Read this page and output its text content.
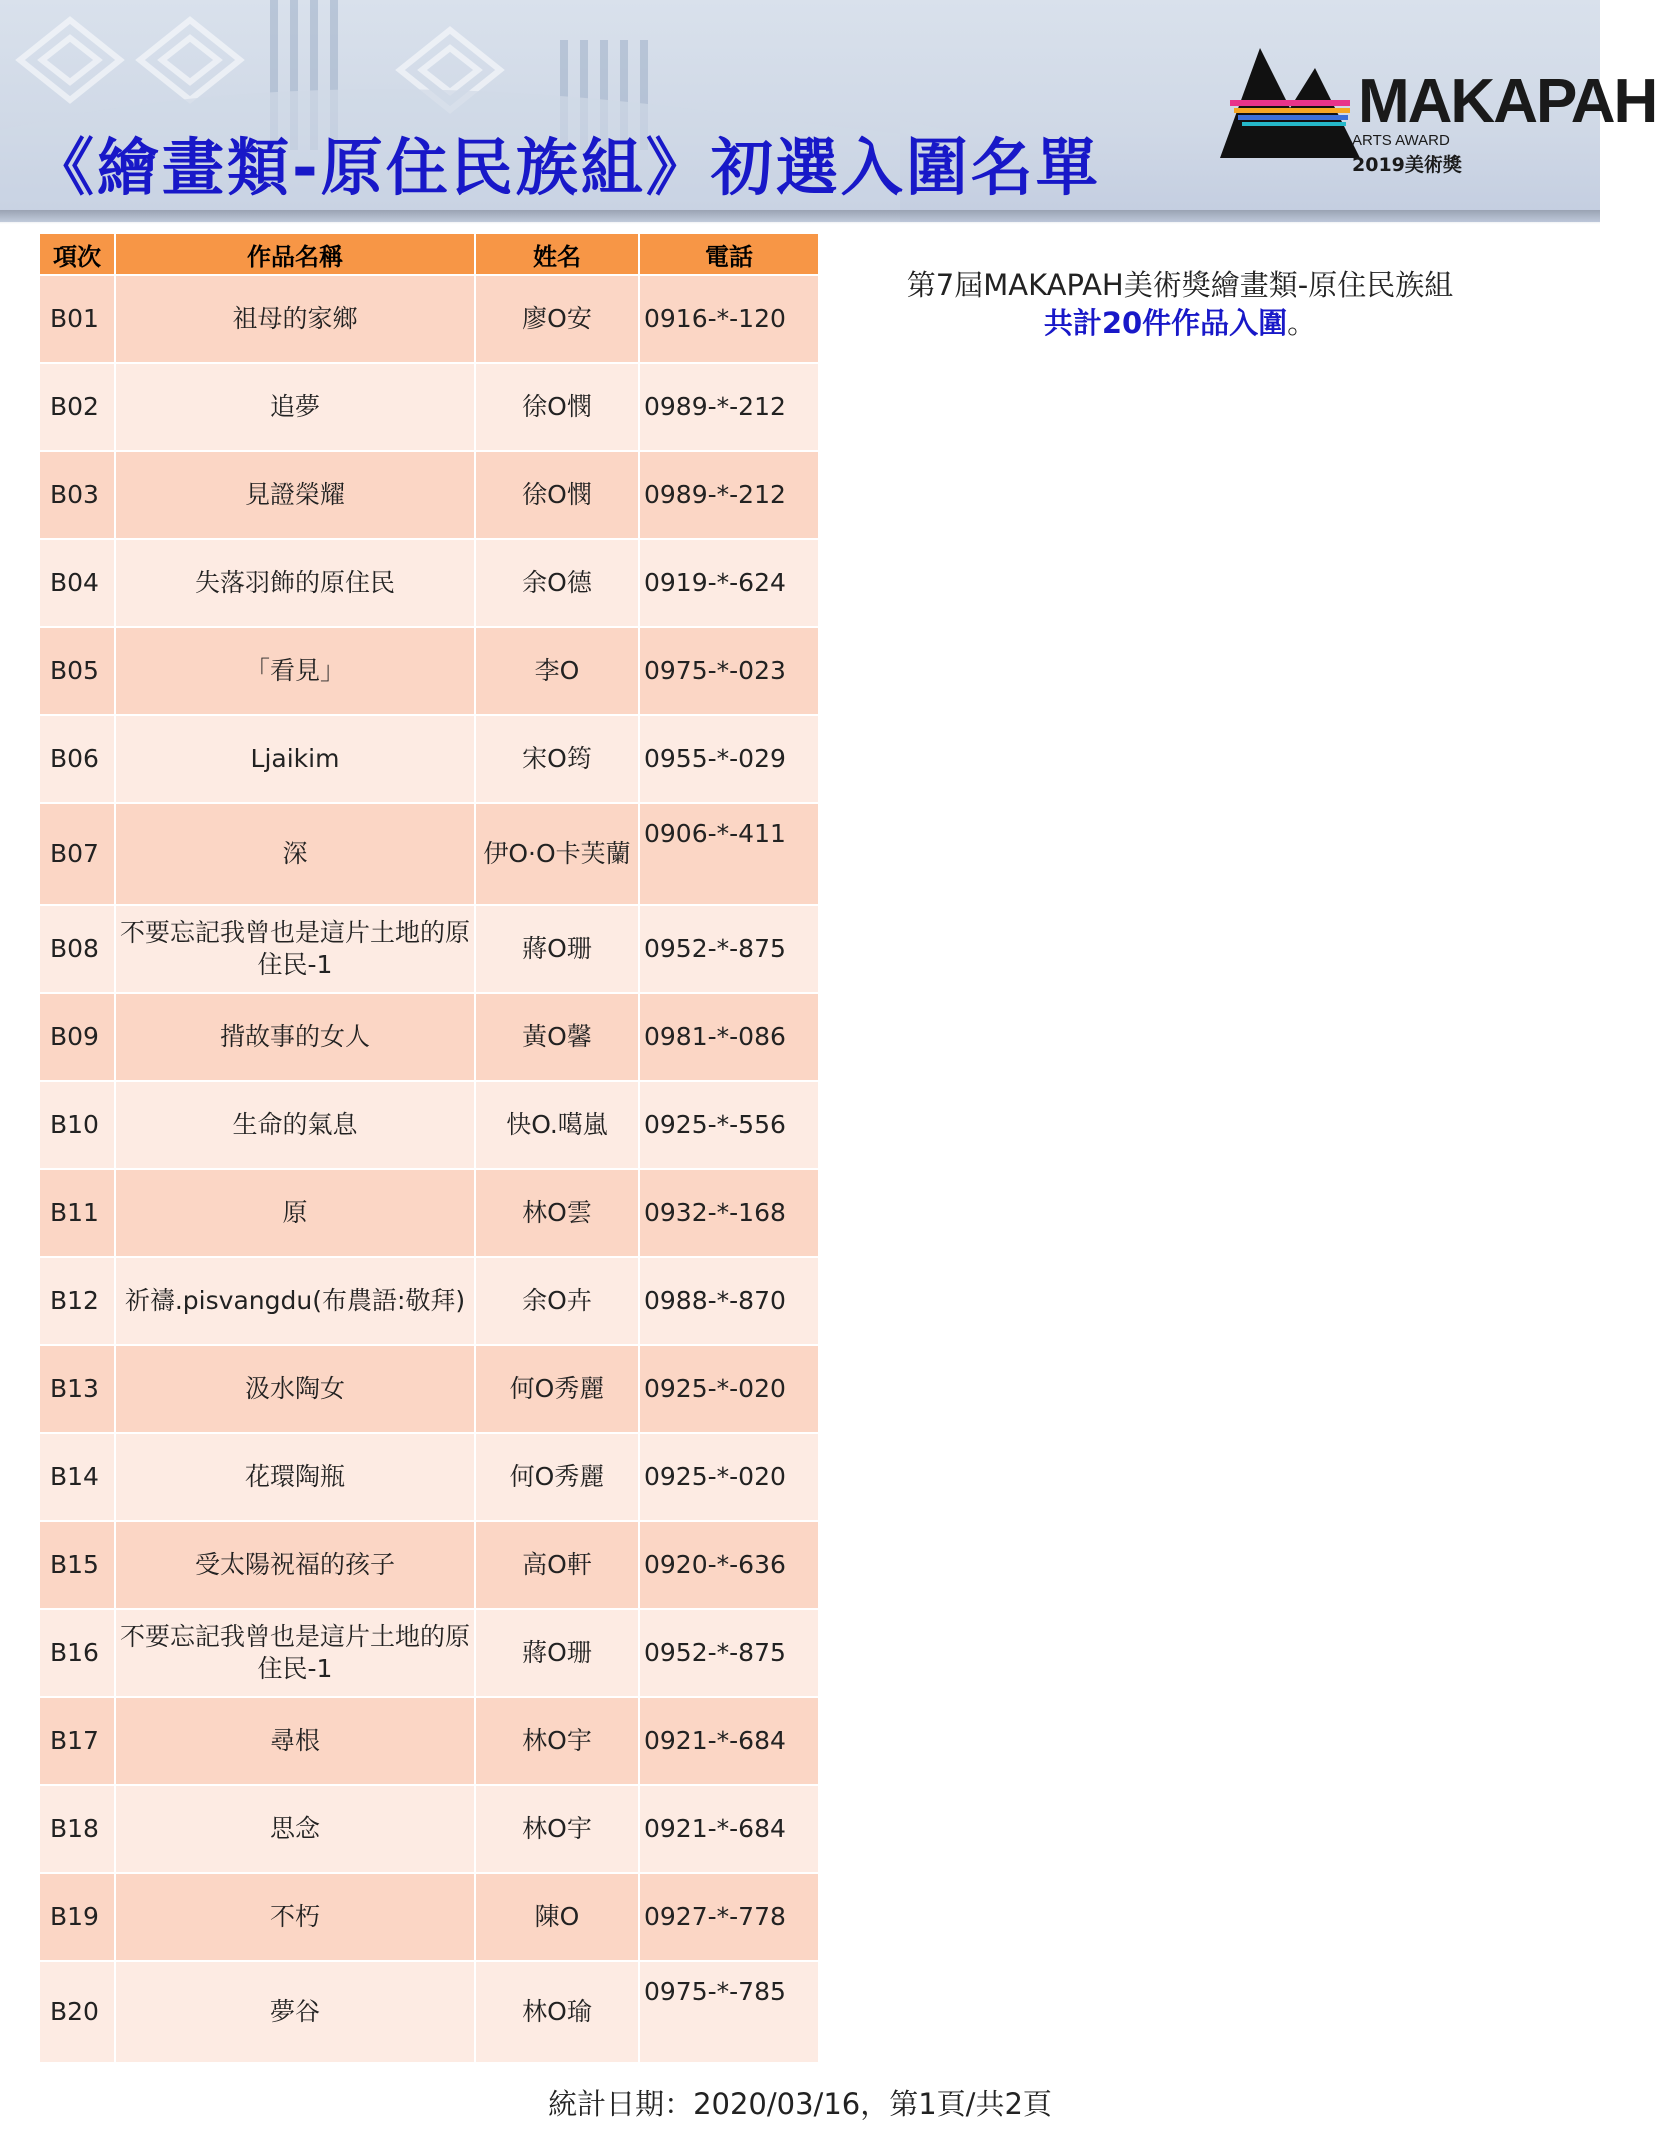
《繪畫類-原住民族組》初選入圍名單
MAKAPAH
ARTS AWARD
2019美術獎
項次	作品名稱	姓名	電話
B01	祖母的家鄉	廖O安	0916-*-120
B02	追夢	徐O憫	0989-*-212
B03	見證榮耀	徐O憫	0989-*-212
B04	失落羽飾的原住民	余O德	0919-*-624
B05	「看見」	李O	0975-*-023
B06	Ljaikim	宋O筠	0955-*-029
B07	深	伊O·O卡芙蘭	0906-*-411
B08	不要忘記我曾也是這片土地的原住民-1	蔣O珊	0952-*-875
B09	揹故事的女人	黃O馨	0981-*-086
B10	生命的氣息	快O.噶嵐	0925-*-556
B11	原	林O雲	0932-*-168
B12	祈禱.pisvangdu(布農語:敬拜)	余O卉	0988-*-870
B13	汲水陶女	何O秀麗	0925-*-020
B14	花環陶瓶	何O秀麗	0925-*-020
B15	受太陽祝福的孩子	高O軒	0920-*-636
B16	不要忘記我曾也是這片土地的原住民-1	蔣O珊	0952-*-875
B17	尋根	林O宇	0921-*-684
B18	思念	林O宇	0921-*-684
B19	不朽	陳O	0927-*-778
B20	夢谷	林O瑜	0975-*-785
第7屆MAKAPAH美術獎繪畫類-原住民族組
共計20件作品入圍。
統計日期：2020/03/16，第1頁/共2頁
